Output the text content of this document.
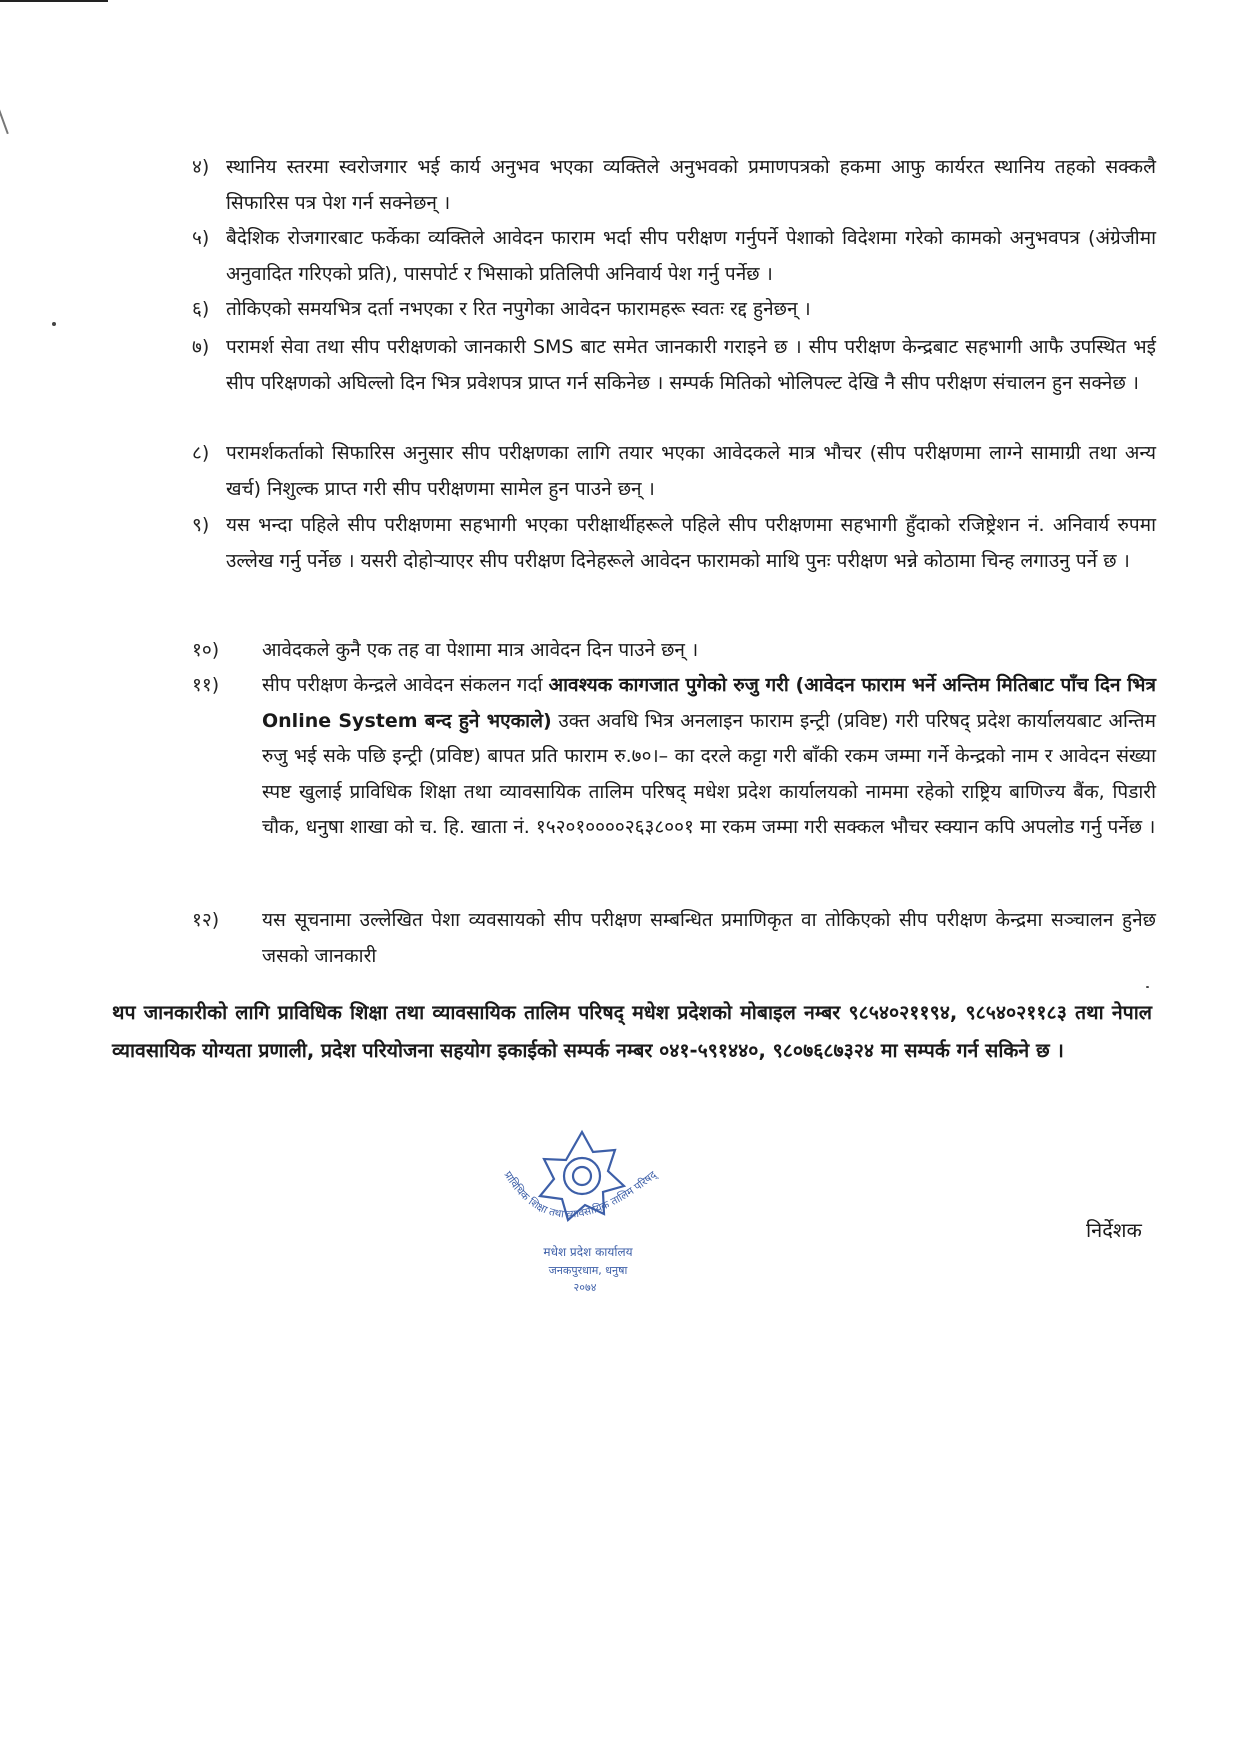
४) स्थानिय स्तरमा स्वरोजगार भई कार्य अनुभव भएका व्यक्तिले अनुभवको प्रमाणपत्रको हकमा आफु कार्यरत स्थानिय तहको सक्कलै सिफारिस पत्र पेश गर्न सक्नेछन् ।
५) बैदेशिक रोजगारबाट फर्केका व्यक्तिले आवेदन फाराम भर्दा सीप परीक्षण गर्नुपर्ने पेशाको विदेशमा गरेको कामको अनुभवपत्र (अंग्रेजीमा अनुवादित गरिएको प्रति), पासपोर्ट र भिसाको प्रतिलिपी अनिवार्य पेश गर्नु पर्नेछ ।
६) तोकिएको समयभित्र दर्ता नभएका र रित नपुगेका आवेदन फारामहरू स्वतः रद्द हुनेछन् ।
७) परामर्श सेवा तथा सीप परीक्षणको जानकारी SMS बाट समेत जानकारी गराइने छ । सीप परीक्षण केन्द्रबाट सहभागी आफै उपस्थित भई सीप परिक्षणको अघिल्लो दिन भित्र प्रवेशपत्र प्राप्त गर्न सकिनेछ । सम्पर्क मितिको भोलिपल्ट देखि नै सीप परीक्षण संचालन हुन सक्नेछ ।
८) परामर्शकर्ताको सिफारिस अनुसार सीप परीक्षणका लागि तयार भएका आवेदकले मात्र भौचर (सीप परीक्षणमा लाग्ने सामाग्री तथा अन्य खर्च) निशुल्क प्राप्त गरी सीप परीक्षणमा सामेल हुन पाउने छन् ।
९) यस भन्दा पहिले सीप परीक्षणमा सहभागी भएका परीक्षार्थीहरूले पहिले सीप परीक्षणमा सहभागी हुँदाको रजिष्ट्रेशन नं. अनिवार्य रुपमा उल्लेख गर्नु पर्नेछ । यसरी दोहोर्‍याएर सीप परीक्षण दिनेहरूले आवेदन फारामको माथि पुनः परीक्षण भन्ने कोठामा चिन्ह लगाउनु पर्ने छ ।
१०) आवेदकले कुनै एक तह वा पेशामा मात्र आवेदन दिन पाउने छन् ।
११) सीप परीक्षण केन्द्रले आवेदन संकलन गर्दा आवश्यक कागजात पुगेको रुजु गरी (आवेदन फाराम भर्ने अन्तिम मितिबाट पाँच दिन भित्र Online System बन्द हुने भएकाले) उक्त अवधि भित्र अनलाइन फाराम इन्ट्री (प्रविष्ट) गरी परिषद् प्रदेश कार्यालयबाट अन्तिम रुजु भई सके पछि इन्ट्री (प्रविष्ट) बापत प्रति फाराम रु.७०।– का दरले कट्टा गरी बाँकी रकम जम्मा गर्ने केन्द्रको नाम र आवेदन संख्या स्पष्ट खुलाई प्राविधिक शिक्षा तथा व्यावसायिक तालिम परिषद् मधेश प्रदेश कार्यालयको नाममा रहेको राष्ट्रिय बाणिज्य बैंक, पिडारी चौक, धनुषा शाखा को च. हि. खाता नं. १५२०१००००२६३८००१ मा रकम जम्मा गरी सक्कल भौचर स्क्यान कपि अपलोड गर्नु पर्नेछ ।
१२) यस सूचनामा उल्लेखित पेशा व्यवसायको सीप परीक्षण सम्बन्धित प्रमाणिकृत वा तोकिएको सीप परीक्षण केन्द्रमा सञ्चालन हुनेछ जसको जानकारी
थप जानकारीको लागि प्राविधिक शिक्षा तथा व्यावसायिक तालिम परिषद् मधेश प्रदेशको मोबाइल नम्बर ९८५४०२११९४, ९८५४०२११८३ तथा नेपाल व्यावसायिक योग्यता प्रणाली, प्रदेश परियोजना सहयोग इकाईको सम्पर्क नम्बर ०४१-५९१४४०, ९८०७६८७३२४ मा सम्पर्क गर्न सकिने छ ।
प्राविधिक शिक्षा तथा व्यावसायिक तालिम परिषद्
मधेश प्रदेश कार्यालय
जनकपुरधाम, धनुषा
२०७४
निर्देशक
